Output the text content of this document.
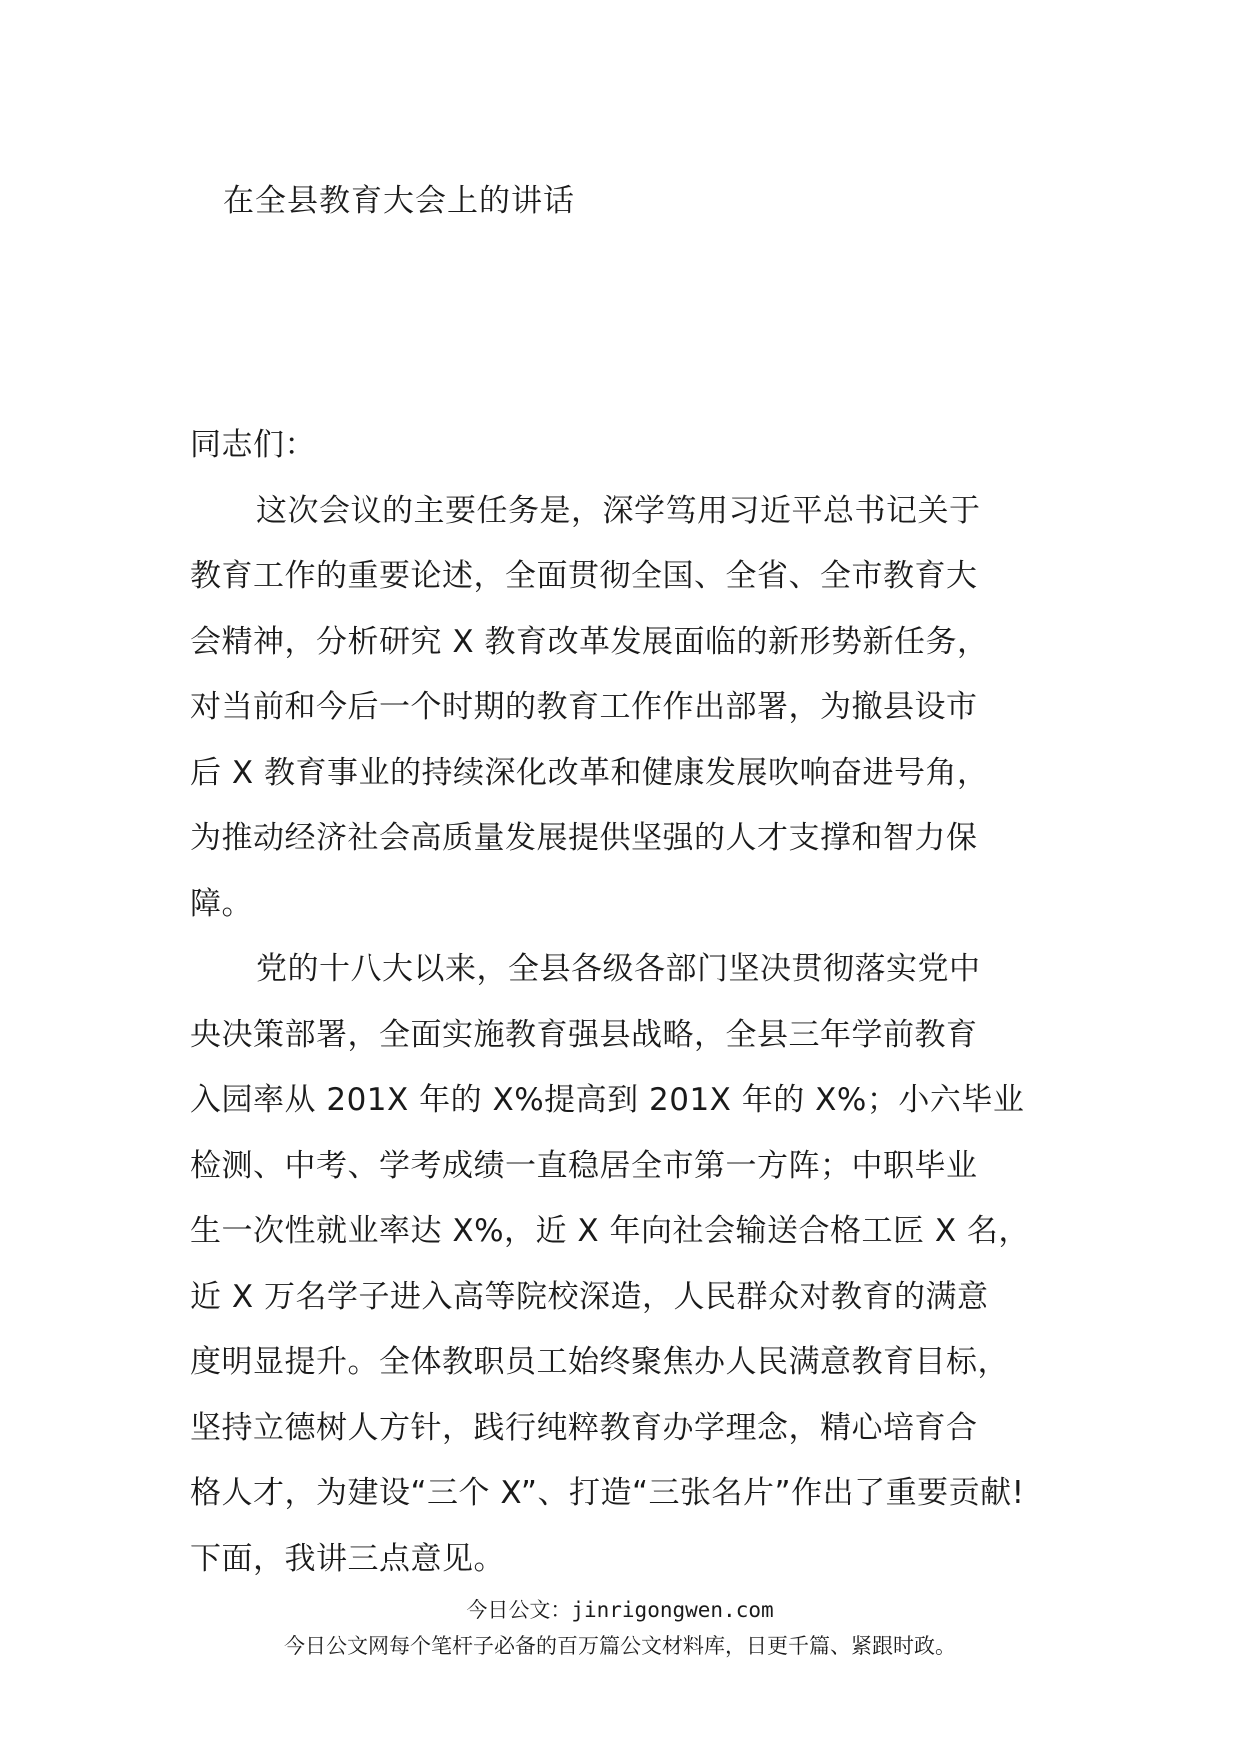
在全县教育大会上的讲话
同志们：
这次会议的主要任务是，深学笃用习近平总书记关于
教育工作的重要论述，全面贯彻全国、全省、全市教育大
会精神，分析研究 X 教育改革发展面临的新形势新任务，
对当前和今后一个时期的教育工作作出部署，为撤县设市
后 X 教育事业的持续深化改革和健康发展吹响奋进号角，
为推动经济社会高质量发展提供坚强的人才支撑和智力保
障。
党的十八大以来，全县各级各部门坚决贯彻落实党中
央决策部署，全面实施教育强县战略，全县三年学前教育
入园率从 201X 年的 X%提高到 201X 年的 X%；小六毕业
检测、中考、学考成绩一直稳居全市第一方阵；中职毕业
生一次性就业率达 X%，近 X 年向社会输送合格工匠 X 名，
近 X 万名学子进入高等院校深造，人民群众对教育的满意
度明显提升。全体教职员工始终聚焦办人民满意教育目标，
坚持立德树人方针，践行纯粹教育办学理念，精心培育合
格人才，为建设“三个 X”、打造“三张名片”作出了重要贡献!
下面，我讲三点意见。
今日公文：jinrigongwen.com
今日公文网每个笔杆子必备的百万篇公文材料库，日更千篇、紧跟时政。
